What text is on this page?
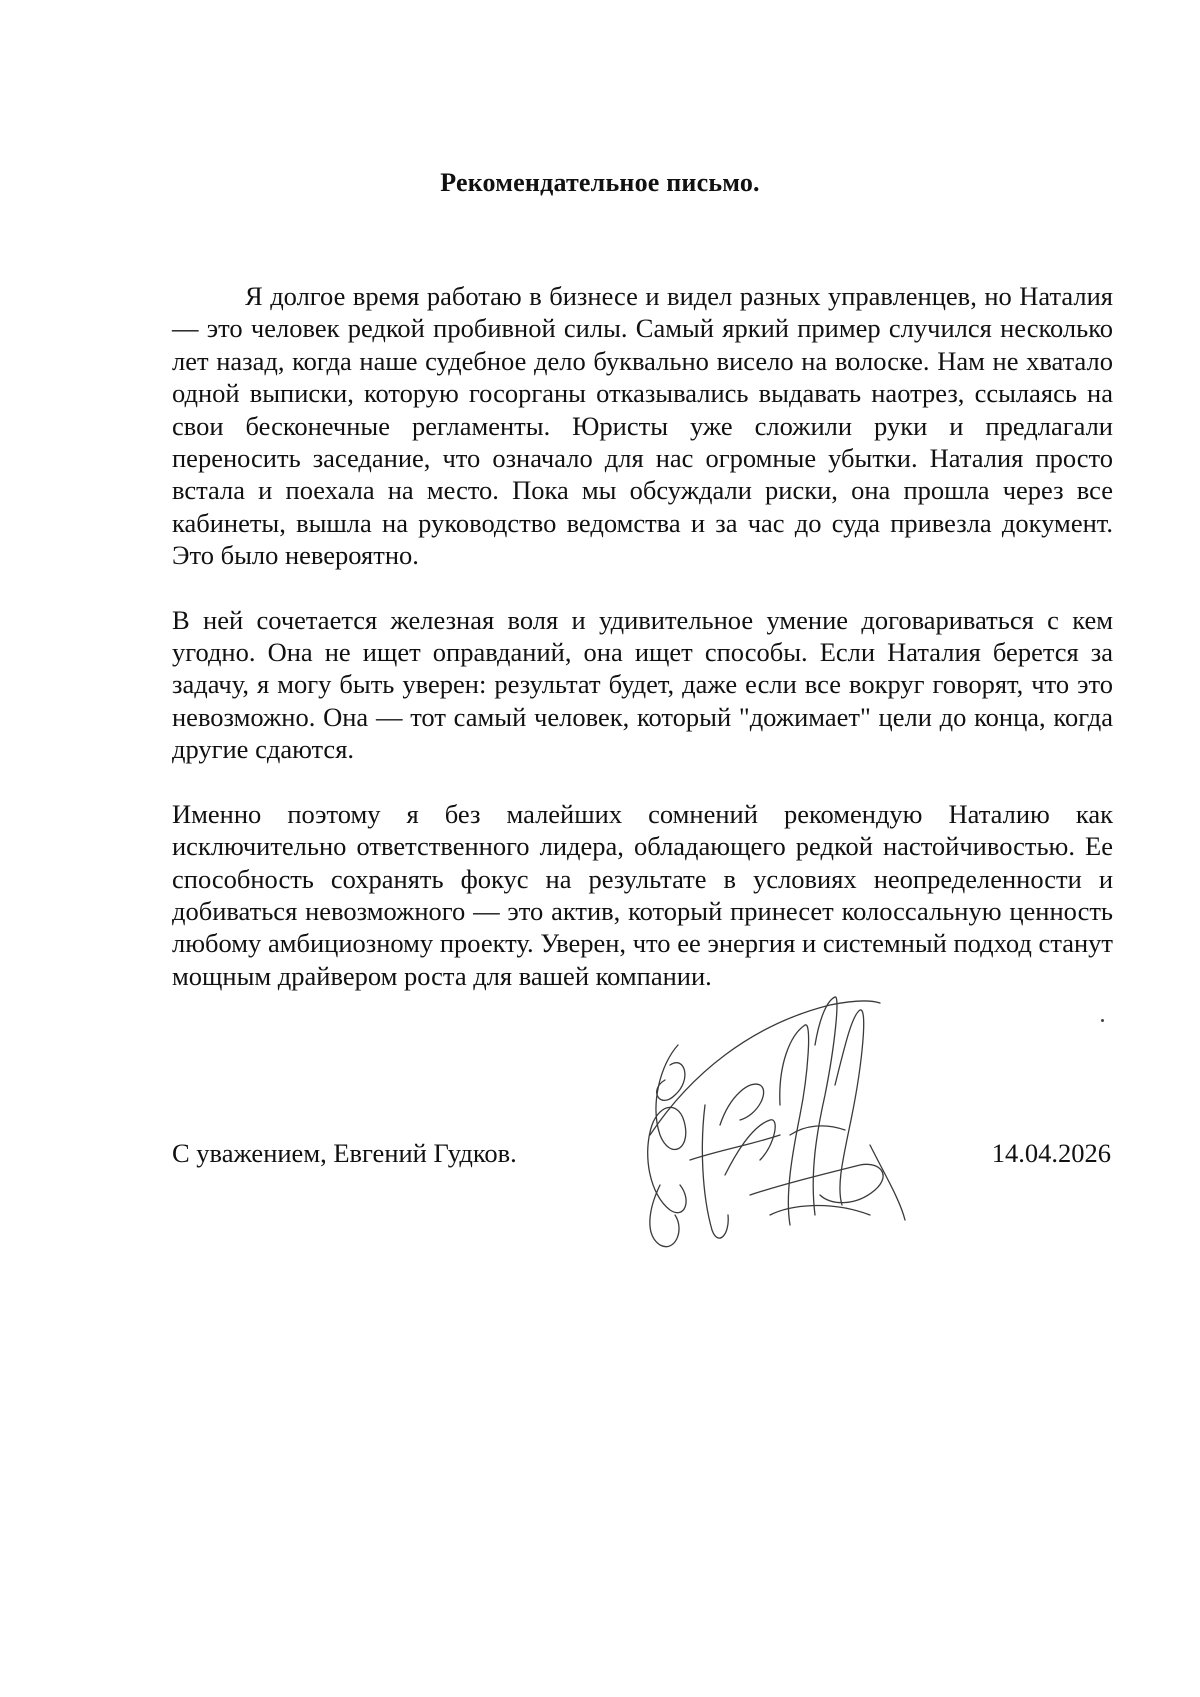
Рекомендательное письмо.

Я долгое время работаю в бизнесе и видел разных управленцев, но Наталия — это человек редкой пробивной силы. Самый яркий пример случился несколько лет назад, когда наше судебное дело буквально висело на волоске. Нам не хватало одной выписки, которую госорганы отказывались выдавать наотрез, ссылаясь на свои бесконечные регламенты. Юристы уже сложили руки и предлагали переносить заседание, что означало для нас огромные убытки. Наталия просто встала и поехала на место. Пока мы обсуждали риски, она прошла через все кабинеты, вышла на руководство ведомства и за час до суда привезла документ. Это было невероятно.

В ней сочетается железная воля и удивительное умение договариваться с кем угодно. Она не ищет оправданий, она ищет способы. Если Наталия берется за задачу, я могу быть уверен: результат будет, даже если все вокруг говорят, что это невозможно. Она — тот самый человек, который "дожимает" цели до конца, когда другие сдаются.

Именно поэтому я без малейших сомнений рекомендую Наталию как исключительно ответственного лидера, обладающего редкой настойчивостью. Ее способность сохранять фокус на результате в условиях неопределенности и добиваться невозможного — это актив, который принесет колоссальную ценность любому амбициозному проекту. Уверен, что ее энергия и системный подход станут мощным драйвером роста для вашей компании.

С уважением, Евгений Гудков.	14.04.2026
